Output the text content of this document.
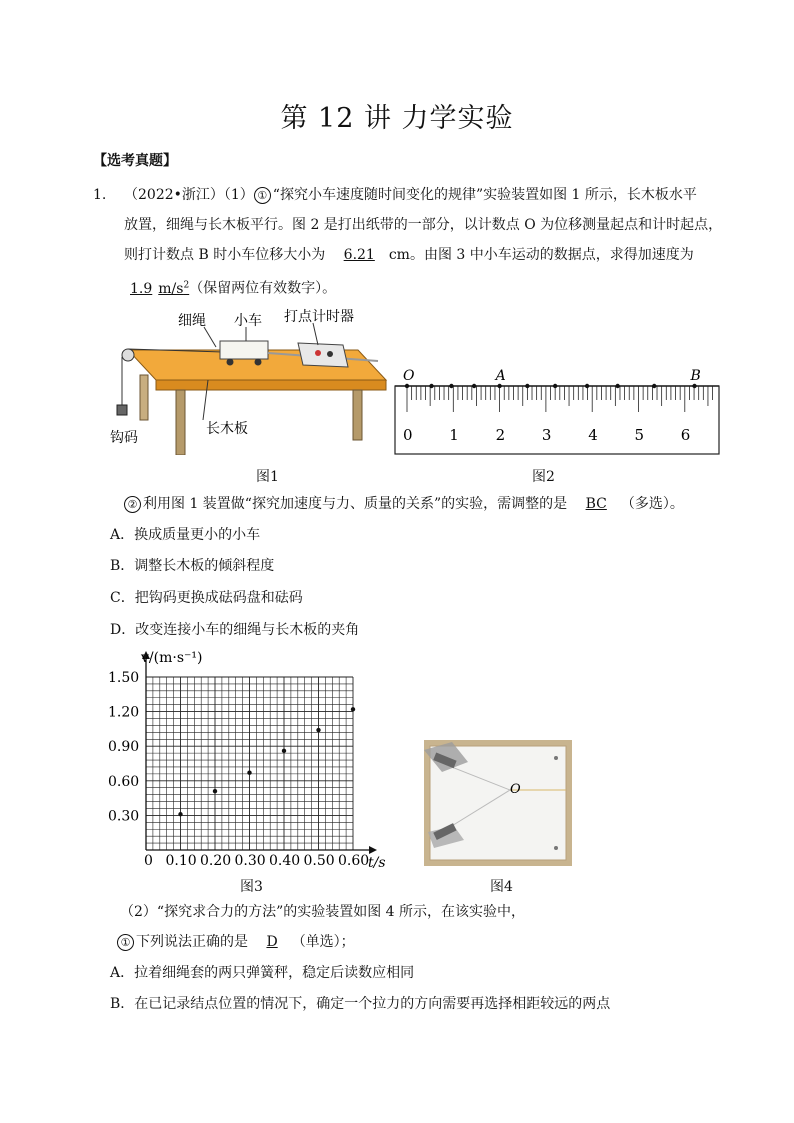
第 12 讲 力学实验
【选考真题】
1. （2022•浙江）（1） ① “探究小车速度随时间变化的规律”实验装置如图 1 所示，长木板水平
放置，细绳与长木板平行。图 2 是打出纸带的一部分，以计数点 O 为位移测量起点和计时起点，
则打计数点 B 时小车位移大小为 6.21 cm。由图 3 中小车运动的数据点，求得加速度为
1.9 $m/s^2$（保留两位有效数字）。
细绳 小车 打点计时器
长木板
钩码
图1
0 1 2 3 4 5 6
O	A	B
图2
② 利用图 1 装置做“探究加速度与力、质量的关系”的实验，需调整的是 BC （多选）。
A．换成质量更小的小车
B．调整长木板的倾斜程度
C．把钩码更换成砝码盘和砝码
D．改变连接小车的细绳与长木板的夹角
0.10 0.20 0.30 0.40 0.50 0.60
0.30
0.60
0.90
1.20
1.50
0	t/s
v/(m·s⁻¹)
图3
O
图4
（2）“探究求合力的方法”的实验装置如图 4 所示，在该实验中，
① 下列说法正确的是 D （单选）；
A．拉着细绳套的两只弹簧秤，稳定后读数应相同
B．在已记录结点位置的情况下，确定一个拉力的方向需要再选择相距较远的两点
